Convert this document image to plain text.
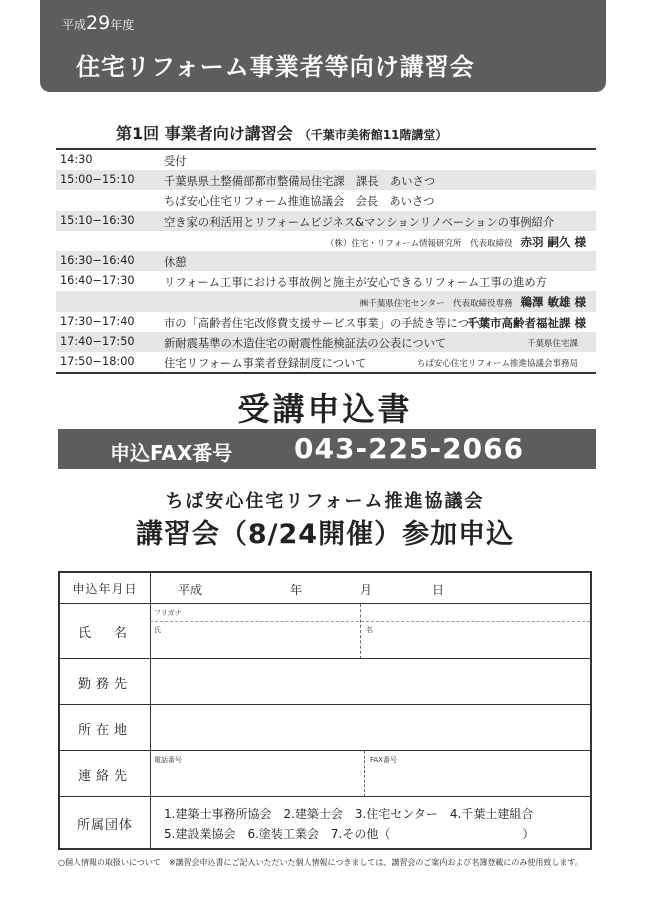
平成29年度
住宅リフォーム事業者等向け講習会
第1回 事業者向け講習会 （千葉市美術館11階講堂）
14:30	受付
15:00−15:10	千葉県県土整備部都市整備局住宅課　課長　あいさつ
ちば安心住宅リフォーム推進協議会　会長　あいさつ
15:10−16:30	空き家の利活用とリフォームビジネス&マンションリノベーションの事例紹介
（株）住宅・リフォーム情報研究所　代表取締役 赤羽 嗣久 様
16:30−16:40	休憩
16:40−17:30	リフォーム工事における事故例と施主が安心できるリフォーム工事の進め方
㈱千葉県住宅センター　代表取締役専務 鵜澤 敏雄 様
17:30−17:40	市の「高齢者住宅改修費支援サービス事業」の手続き等について
千葉市高齢者福祉課 様
17:40−17:50	新耐震基準の木造住宅の耐震性能検証法の公表について	千葉県住宅課
17:50−18:00	住宅リフォーム事業者登録制度について	ちば安心住宅リフォーム推進協議会事務局
受講申込書
申込FAX番号 043-225-2066
ちば安心住宅リフォーム推進協議会
講習会（8/24開催）参加申込
申込年月日	平成	年	月	日
氏　名
フリガナ
氏	名
勤務先
所在地
連絡先
電話番号	FAX番号
所属団体
1.建築士事務所協会　2.建築士会　3.住宅センター　4.千葉土建組合
5.建設業協会　6.塗装工業会　7.その他（　　　　　　　　　　　）
○個人情報の取扱いについて　※講習会申込書にご記入いただいた個人情報につきましては、講習会のご案内および名簿登載にのみ使用致します。
